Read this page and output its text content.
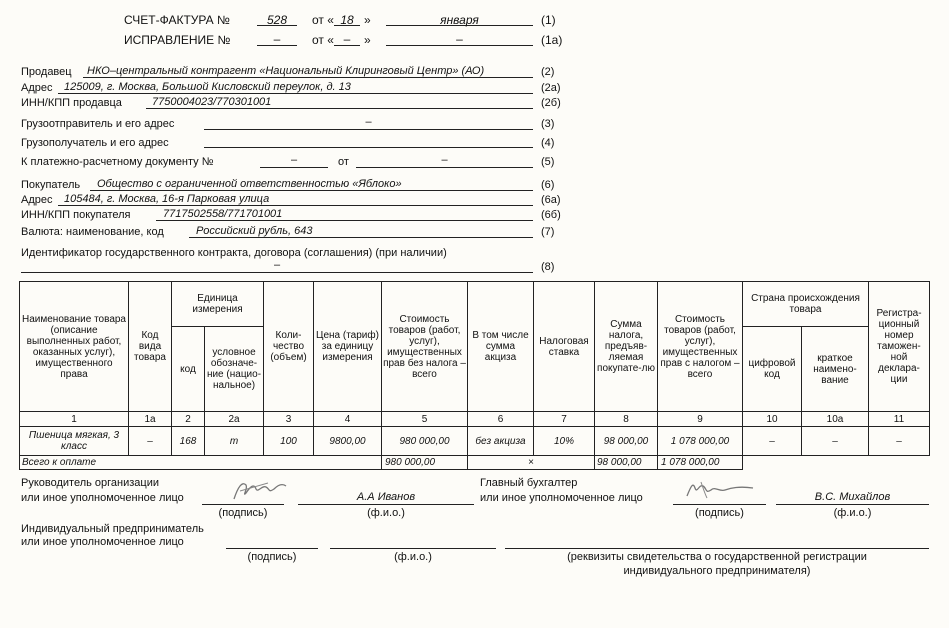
СЧЕТ-ФАКТУРА №	528	от « 18 »	января	(1)
ИСПРАВЛЕНИЕ №	–	от « –	»	–	(1а)
Продавец НКО–центральный контрагент «Национальный Клиринговый Центр» (АО)	(2)
Адрес 125009, г. Москва, Большой Кисловский переулок, д. 13	(2а)
ИНН/КПП продавца	7750004023/770301001	(2б)
Грузоотправитель и его адрес	–	(3)
Грузополучатель и его адрес	(4)
К платежно-расчетному документу №	–	от	–	(5)
Покупатель Общество с ограниченной ответственностью «Яблоко»	(6)
Адрес 105484, г. Москва, 16-я Парковая улица	(6а)
ИНН/КПП покупателя	7717502558/771701001	(6б)
Валюта: наименование, код	Российский рубль, 643	(7)
Идентификатор государственного контракта, договора (соглашения) (при наличии)
–	(8)
Наименование товара (описание выполненных работ, оказанных услуг), имущественного права	Код вида товара	Единица измерения		Коли-чество (объем)	Цена (тариф) за единицу измерения	Стоимость товаров (работ, услуг), имущественных прав без налога – всего	В том числе сумма акциза	Налоговая ставка	Сумма налога, предъяв-ляемая покупате-лю	Стоимость товаров (работ, услуг), имущественных прав с налогом – всего	Страна происхождения товара		Регистра-ционный номер таможен-ной деклара-ции
		код	условное обозначе-ние (нацио-нальное)								цифровой код	краткое наимено-вание	
1	1а	2	2а	3	4	5	6	7	8	9	10	10а	11
Пшеница мягкая, 3 класс	–	168	т	100	9800,00	980 000,00	без акциза	10%	98 000,00	1 078 000,00	–	–	–
Всего к оплате						980 000,00	×		98 000,00	1 078 000,00			
Руководитель организации
или иное уполномоченное лицо
(подпись)
А.А Иванов
(ф.и.о.)
Главный бухгалтер
или иное уполномоченное лицо
(подпись)
В.С. Михайлов
(ф.и.о.)
Индивидуальный предприниматель
или иное уполномоченное лицо
(подпись)	(ф.и.о.)	(реквизиты свидетельства о государственной регистрации
индивидуального предпринимателя)
